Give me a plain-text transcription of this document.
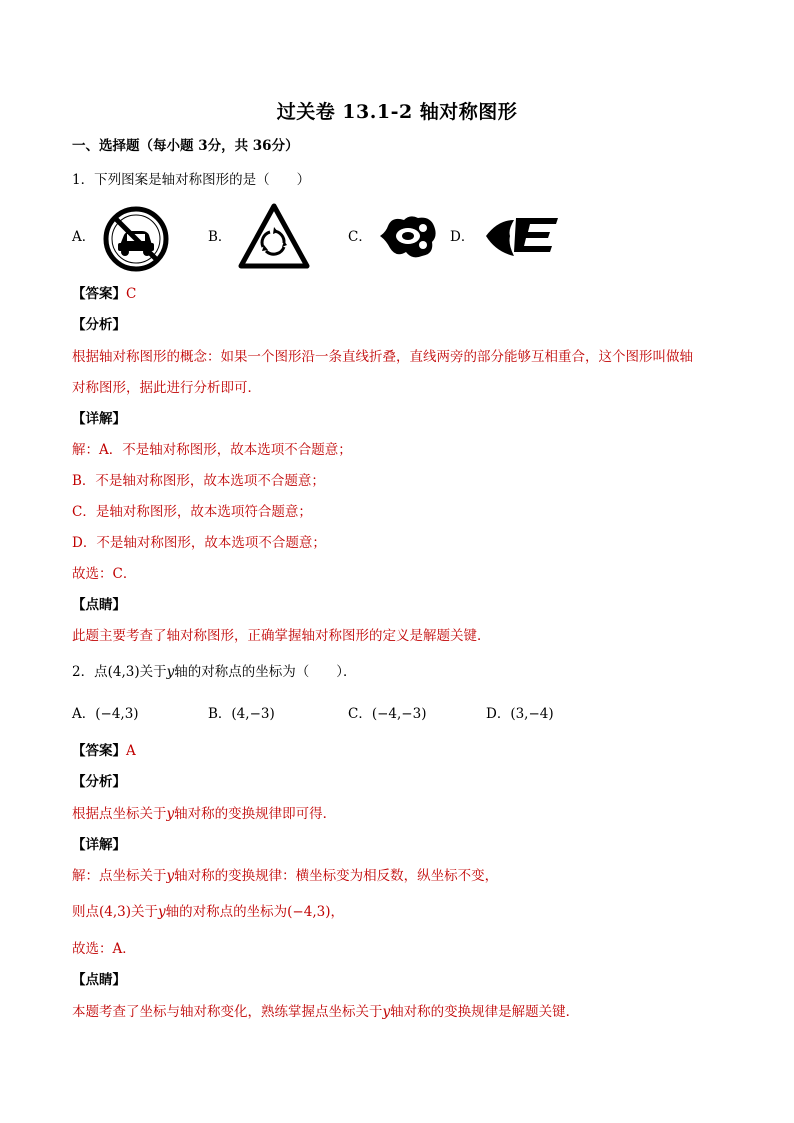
过关卷 13.1-2 轴对称图形
一、选择题（每小题 3分，共 36分）
1．下列图案是轴对称图形的是（　　）
A．	B．	C．	D．
【答案】C
【分析】
根据轴对称图形的概念：如果一个图形沿一条直线折叠，直线两旁的部分能够互相重合，这个图形叫做轴
对称图形，据此进行分析即可．
【详解】
解：A．不是轴对称图形，故本选项不合题意；
B．不是轴对称图形，故本选项不合题意；
C．是轴对称图形，故本选项符合题意；
D．不是轴对称图形，故本选项不合题意；
故选：C．
【点睛】
此题主要考查了轴对称图形，正确掌握轴对称图形的定义是解题关键．
2．点(4,3)关于y轴的对称点的坐标为（　　）．
A．(−4,3)	B．(4,−3)	C．(−4,−3)	D．(3,−4)
【答案】A
【分析】
根据点坐标关于y轴对称的变换规律即可得．
【详解】
解：点坐标关于y轴对称的变换规律：横坐标变为相反数，纵坐标不变，
则点(4,3)关于y轴的对称点的坐标为(−4,3)，
故选：A．
【点睛】
本题考查了坐标与轴对称变化，熟练掌握点坐标关于y轴对称的变换规律是解题关键．
